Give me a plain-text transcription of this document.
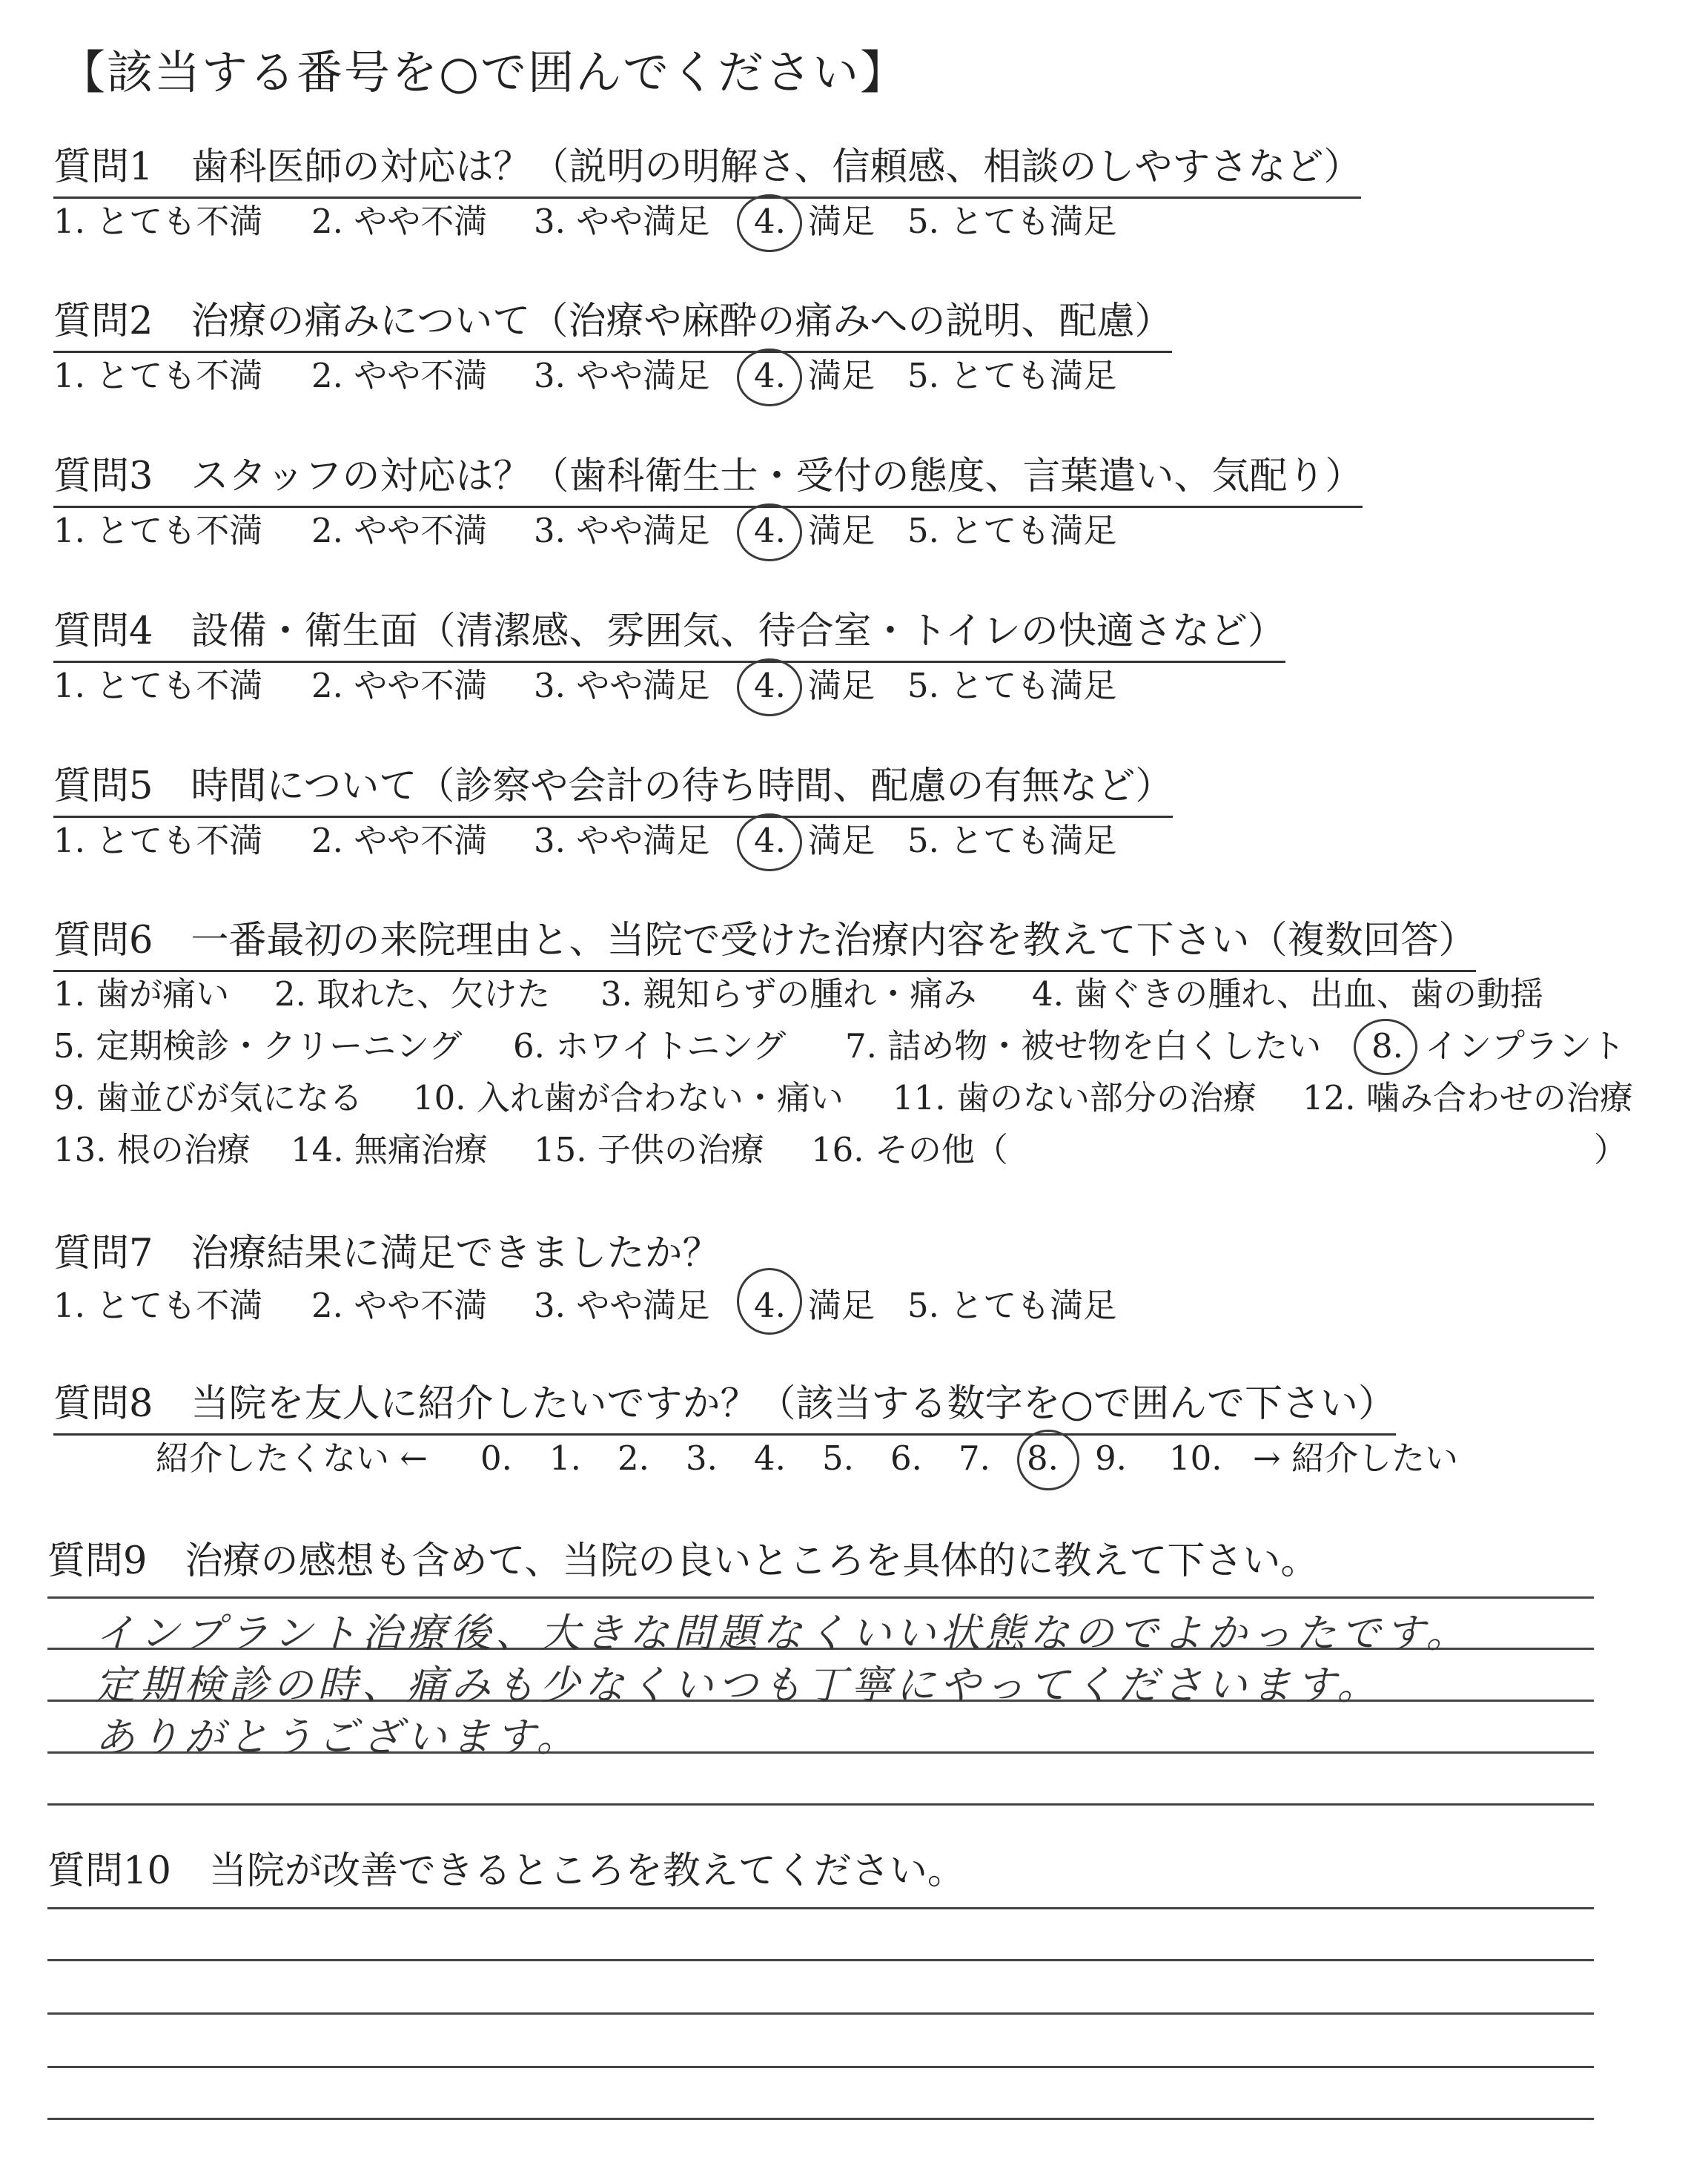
【該当する番号を○で囲んでください】
質問1　歯科医師の対応は？（説明の明解さ、信頼感、相談のしやすさなど）
1. とても不満 2. やや不満 3. やや満足 4. 満足 5. とても満足
質問2　治療の痛みについて（治療や麻酔の痛みへの説明、配慮）
1. とても不満 2. やや不満 3. やや満足 4. 満足 5. とても満足
質問3　スタッフの対応は？（歯科衛生士・受付の態度、言葉遣い、気配り）
1. とても不満 2. やや不満 3. やや満足 4. 満足 5. とても満足
質問4　設備・衛生面（清潔感、雰囲気、待合室・トイレの快適さなど）
1. とても不満 2. やや不満 3. やや満足 4. 満足 5. とても満足
質問5　時間について（診察や会計の待ち時間、配慮の有無など）
1. とても不満 2. やや不満 3. やや満足 4. 満足 5. とても満足
質問6　一番最初の来院理由と、当院で受けた治療内容を教えて下さい（複数回答）
1. 歯が痛い 2. 取れた、欠けた 3. 親知らずの腫れ・痛み 4. 歯ぐきの腫れ、出血、歯の動揺
5. 定期検診・クリーニング 6. ホワイトニング 7. 詰め物・被せ物を白くしたい 8. インプラント
9. 歯並びが気になる 10. 入れ歯が合わない・痛い 11. 歯のない部分の治療 12. 噛み合わせの治療
13. 根の治療 14. 無痛治療 15. 子供の治療 16. その他（	）
質問7　治療結果に満足できましたか？
1. とても不満 2. やや不満 3. やや満足 4. 満足 5. とても満足
質問8　当院を友人に紹介したいですか？（該当する数字を○で囲んで下さい）
紹介したくない ← 0. 1. 2. 3. 4. 5. 6. 7. 8. 9. 10. → 紹介したい
質問9　治療の感想も含めて、当院の良いところを具体的に教えて下さい。
インプラント治療後、大きな問題なくいい状態なのでよかったです。
定期検診の時、痛みも少なくいつも丁寧にやってくださいます。
ありがとうございます。
質問10　当院が改善できるところを教えてください。
